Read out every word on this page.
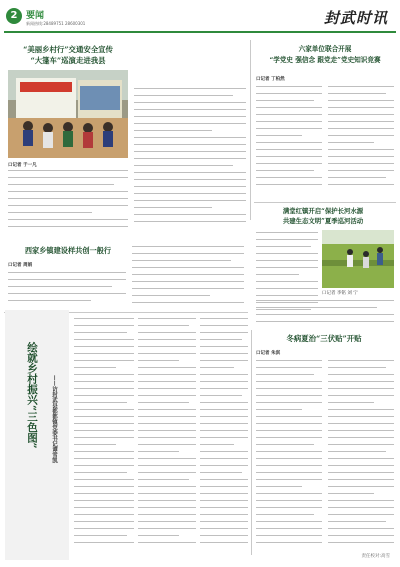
2 要闻
新闻热线:28489751 28600301	封武时讯
“美丽乡村行”交通安全宣传
“大篷车”巡演走进我县
口记者 于一凡
六家单位联合开展
“学党史 强信念 跟党走”党史知识竞赛
口记者 丁柏然
满堂红镇开启“保护长河水源
共建生态文明”夏季巡河活动
口记者 李铭 刘 宁
西家乡镇建设样共创一般行
口记者 周娟
绘就乡村振兴“三色图”	——访封武县都都镇党委书记谭雪凯
冬病夏治“三伏贴”开贴
口记者 朱淇
责任校对:高雪
